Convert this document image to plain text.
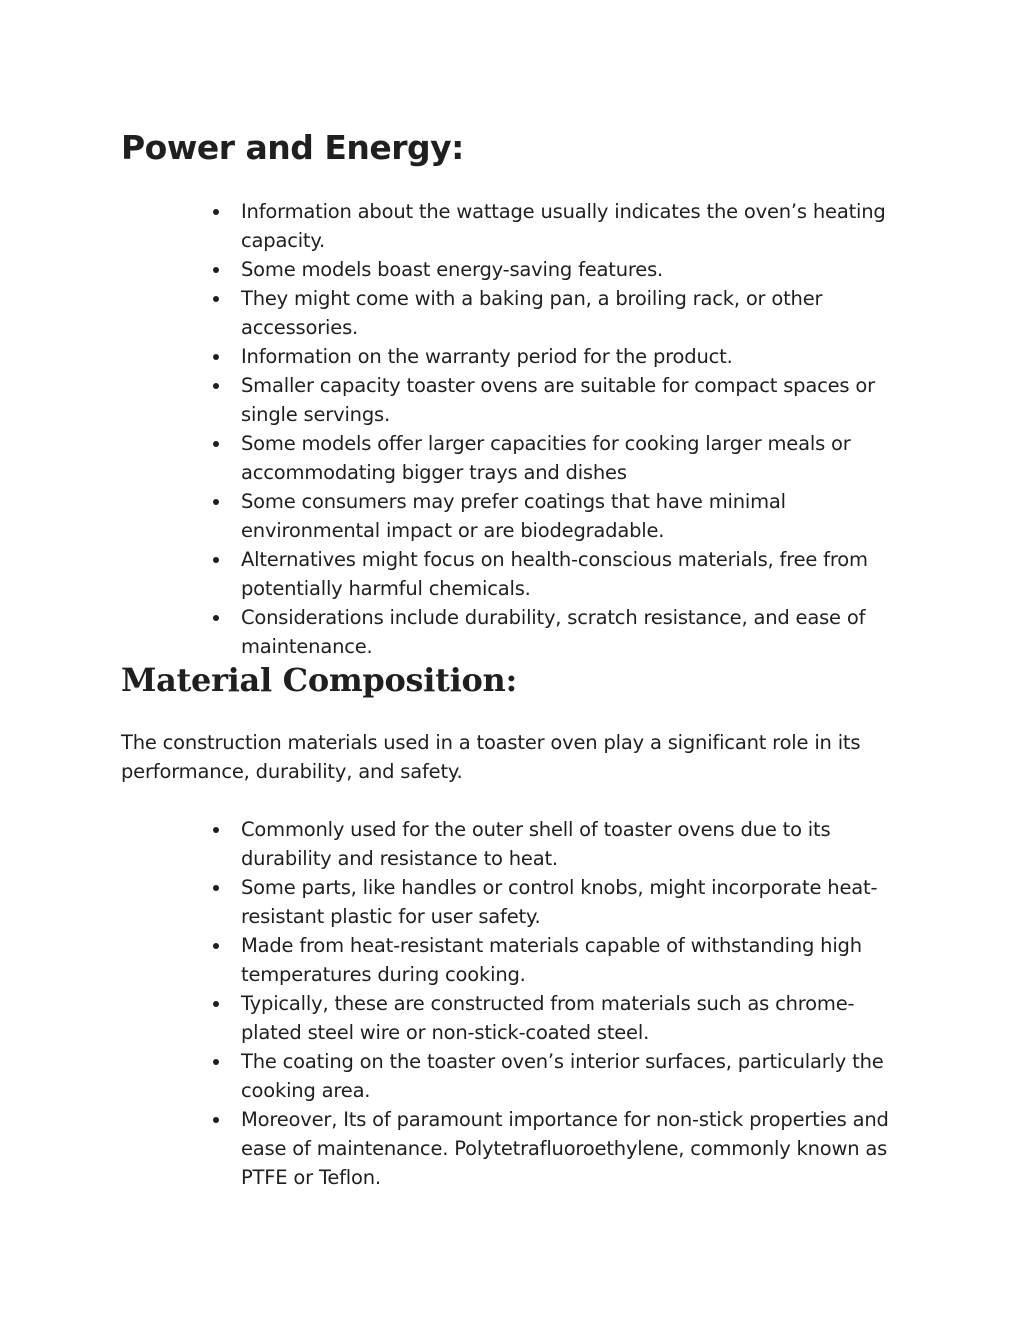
Power and Energy:
Information about the wattage usually indicates the oven’s heating capacity.
Some models boast energy-saving features.
They might come with a baking pan, a broiling rack, or other accessories.
Information on the warranty period for the product.
Smaller capacity toaster ovens are suitable for compact spaces or single servings.
Some models offer larger capacities for cooking larger meals or accommodating bigger trays and dishes
Some consumers may prefer coatings that have minimal environmental impact or are biodegradable.
Alternatives might focus on health-conscious materials, free from potentially harmful chemicals.
Considerations include durability, scratch resistance, and ease of maintenance.
Material Composition:

The construction materials used in a toaster oven play a significant role in its performance, durability, and safety.

Commonly used for the outer shell of toaster ovens due to its durability and resistance to heat.
Some parts, like handles or control knobs, might incorporate heat-resistant plastic for user safety.
Made from heat-resistant materials capable of withstanding high temperatures during cooking.
Typically, these are constructed from materials such as chrome-plated steel wire or non-stick-coated steel.
The coating on the toaster oven’s interior surfaces, particularly the cooking area.
Moreover, Its of paramount importance for non-stick properties and ease of maintenance. Polytetrafluoroethylene, commonly known as PTFE or Teflon.
